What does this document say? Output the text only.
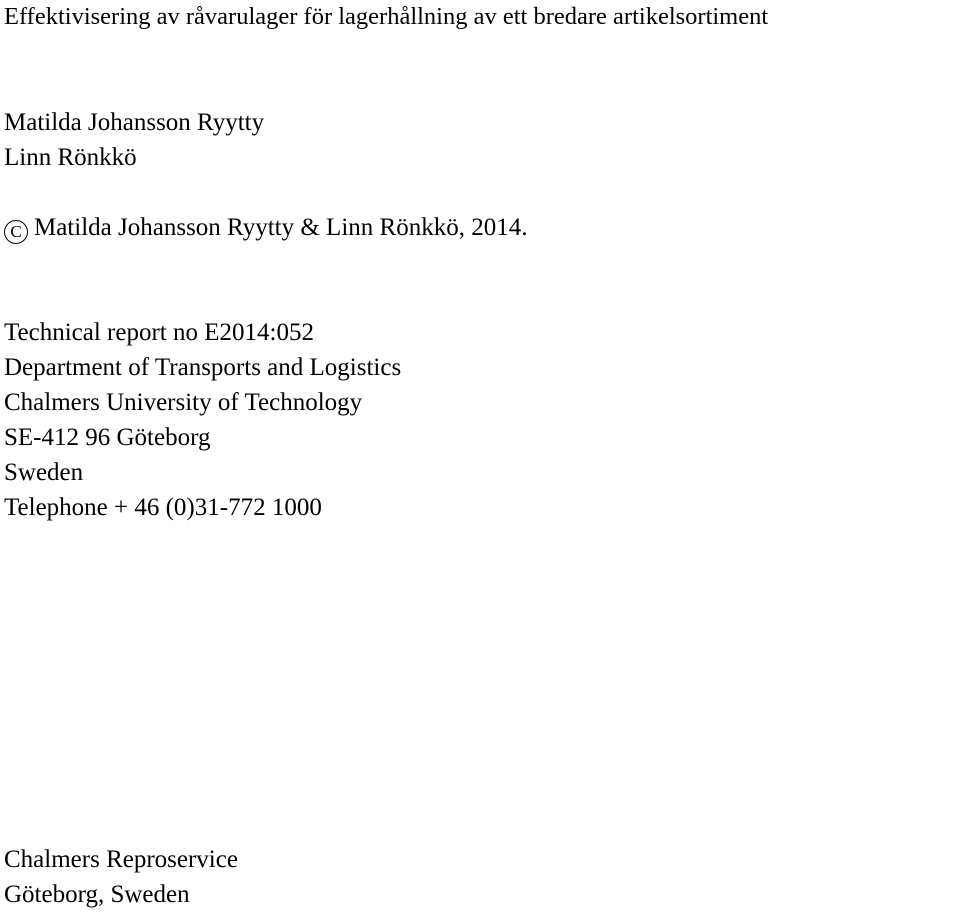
Effektivisering av råvarulager för lagerhållning av ett bredare artikelsortiment
Matilda Johansson Ryytty
Linn Rönkkö
C Matilda Johansson Ryytty & Linn Rönkkö, 2014.
Technical report no E2014:052
Department of Transports and Logistics
Chalmers University of Technology
SE-412 96 Göteborg
Sweden
Telephone + 46 (0)31-772 1000
Chalmers Reproservice
Göteborg, Sweden
